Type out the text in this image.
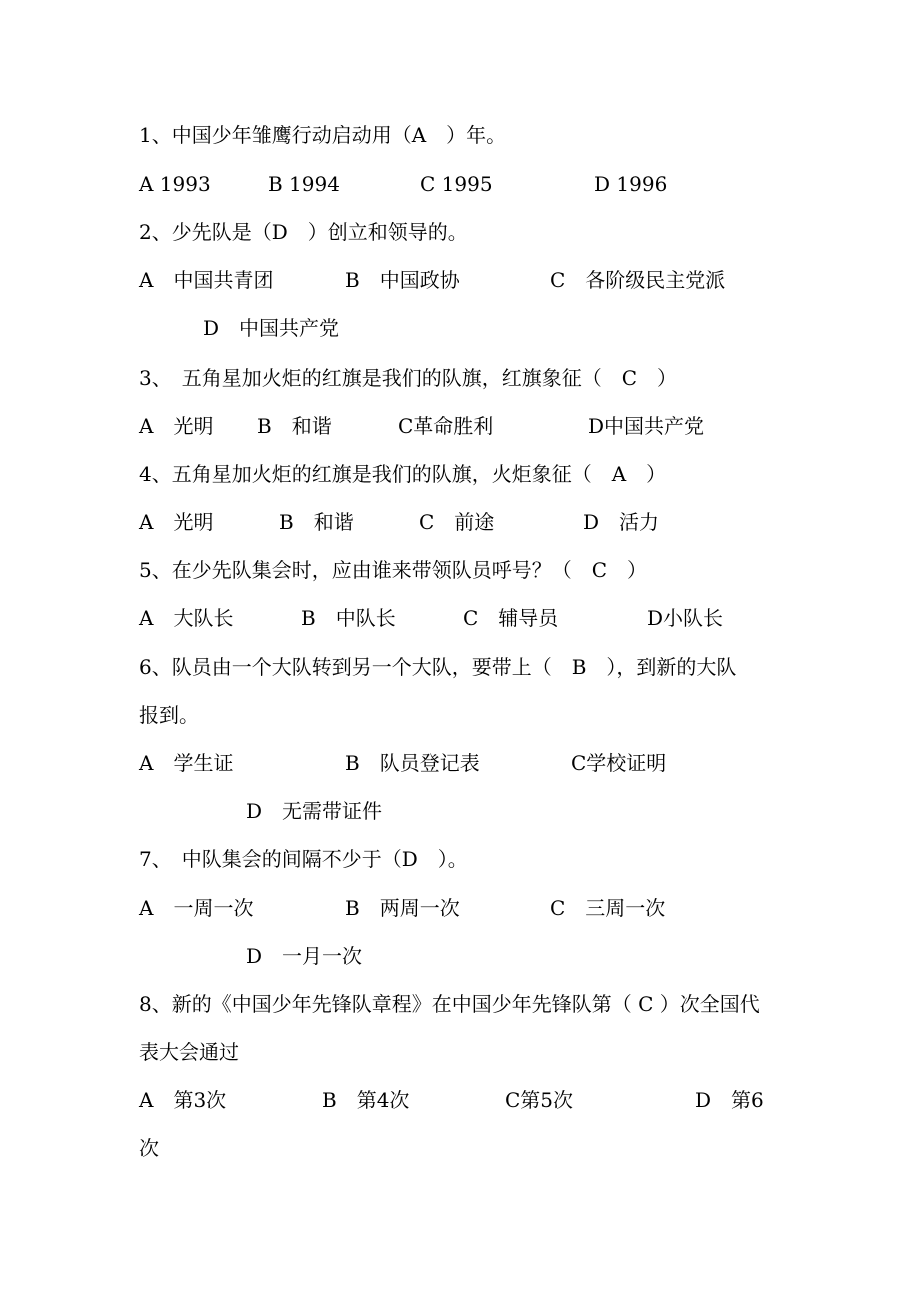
1、中国少年雏鹰行动启动用（A　）年。
A 1993	B 1994	C 1995	D 1996
2、少先队是（D　）创立和领导的。
A　中国共青团	B　中国政协	C　各阶级民主党派
D　中国共产党
3、　五角星加火炬的红旗是我们的队旗，红旗象征（　C　）
A　光明 B　和谐	C革命胜利	D中国共产党
4、五角星加火炬的红旗是我们的队旗，火炬象征（　A　）
A　光明	B　和谐	C　前途	D　活力
5、在少先队集会时，应由谁来带领队员呼号？（　C　）
A　大队长	B　中队长	C　辅导员	D小队长
6、队员由一个大队转到另一个大队，要带上（　B　），到新的大队
报到。
A　学生证	B　队员登记表	C学校证明
D　无需带证件
7、　中队集会的间隔不少于（D　）。
A　一周一次	B　两周一次	C　三周一次
D　一月一次
8、新的《中国少年先锋队章程》在中国少年先锋队第（ C ）次全国代
表大会通过
A　第3次	B　第4次	C第5次	D　第6
次
